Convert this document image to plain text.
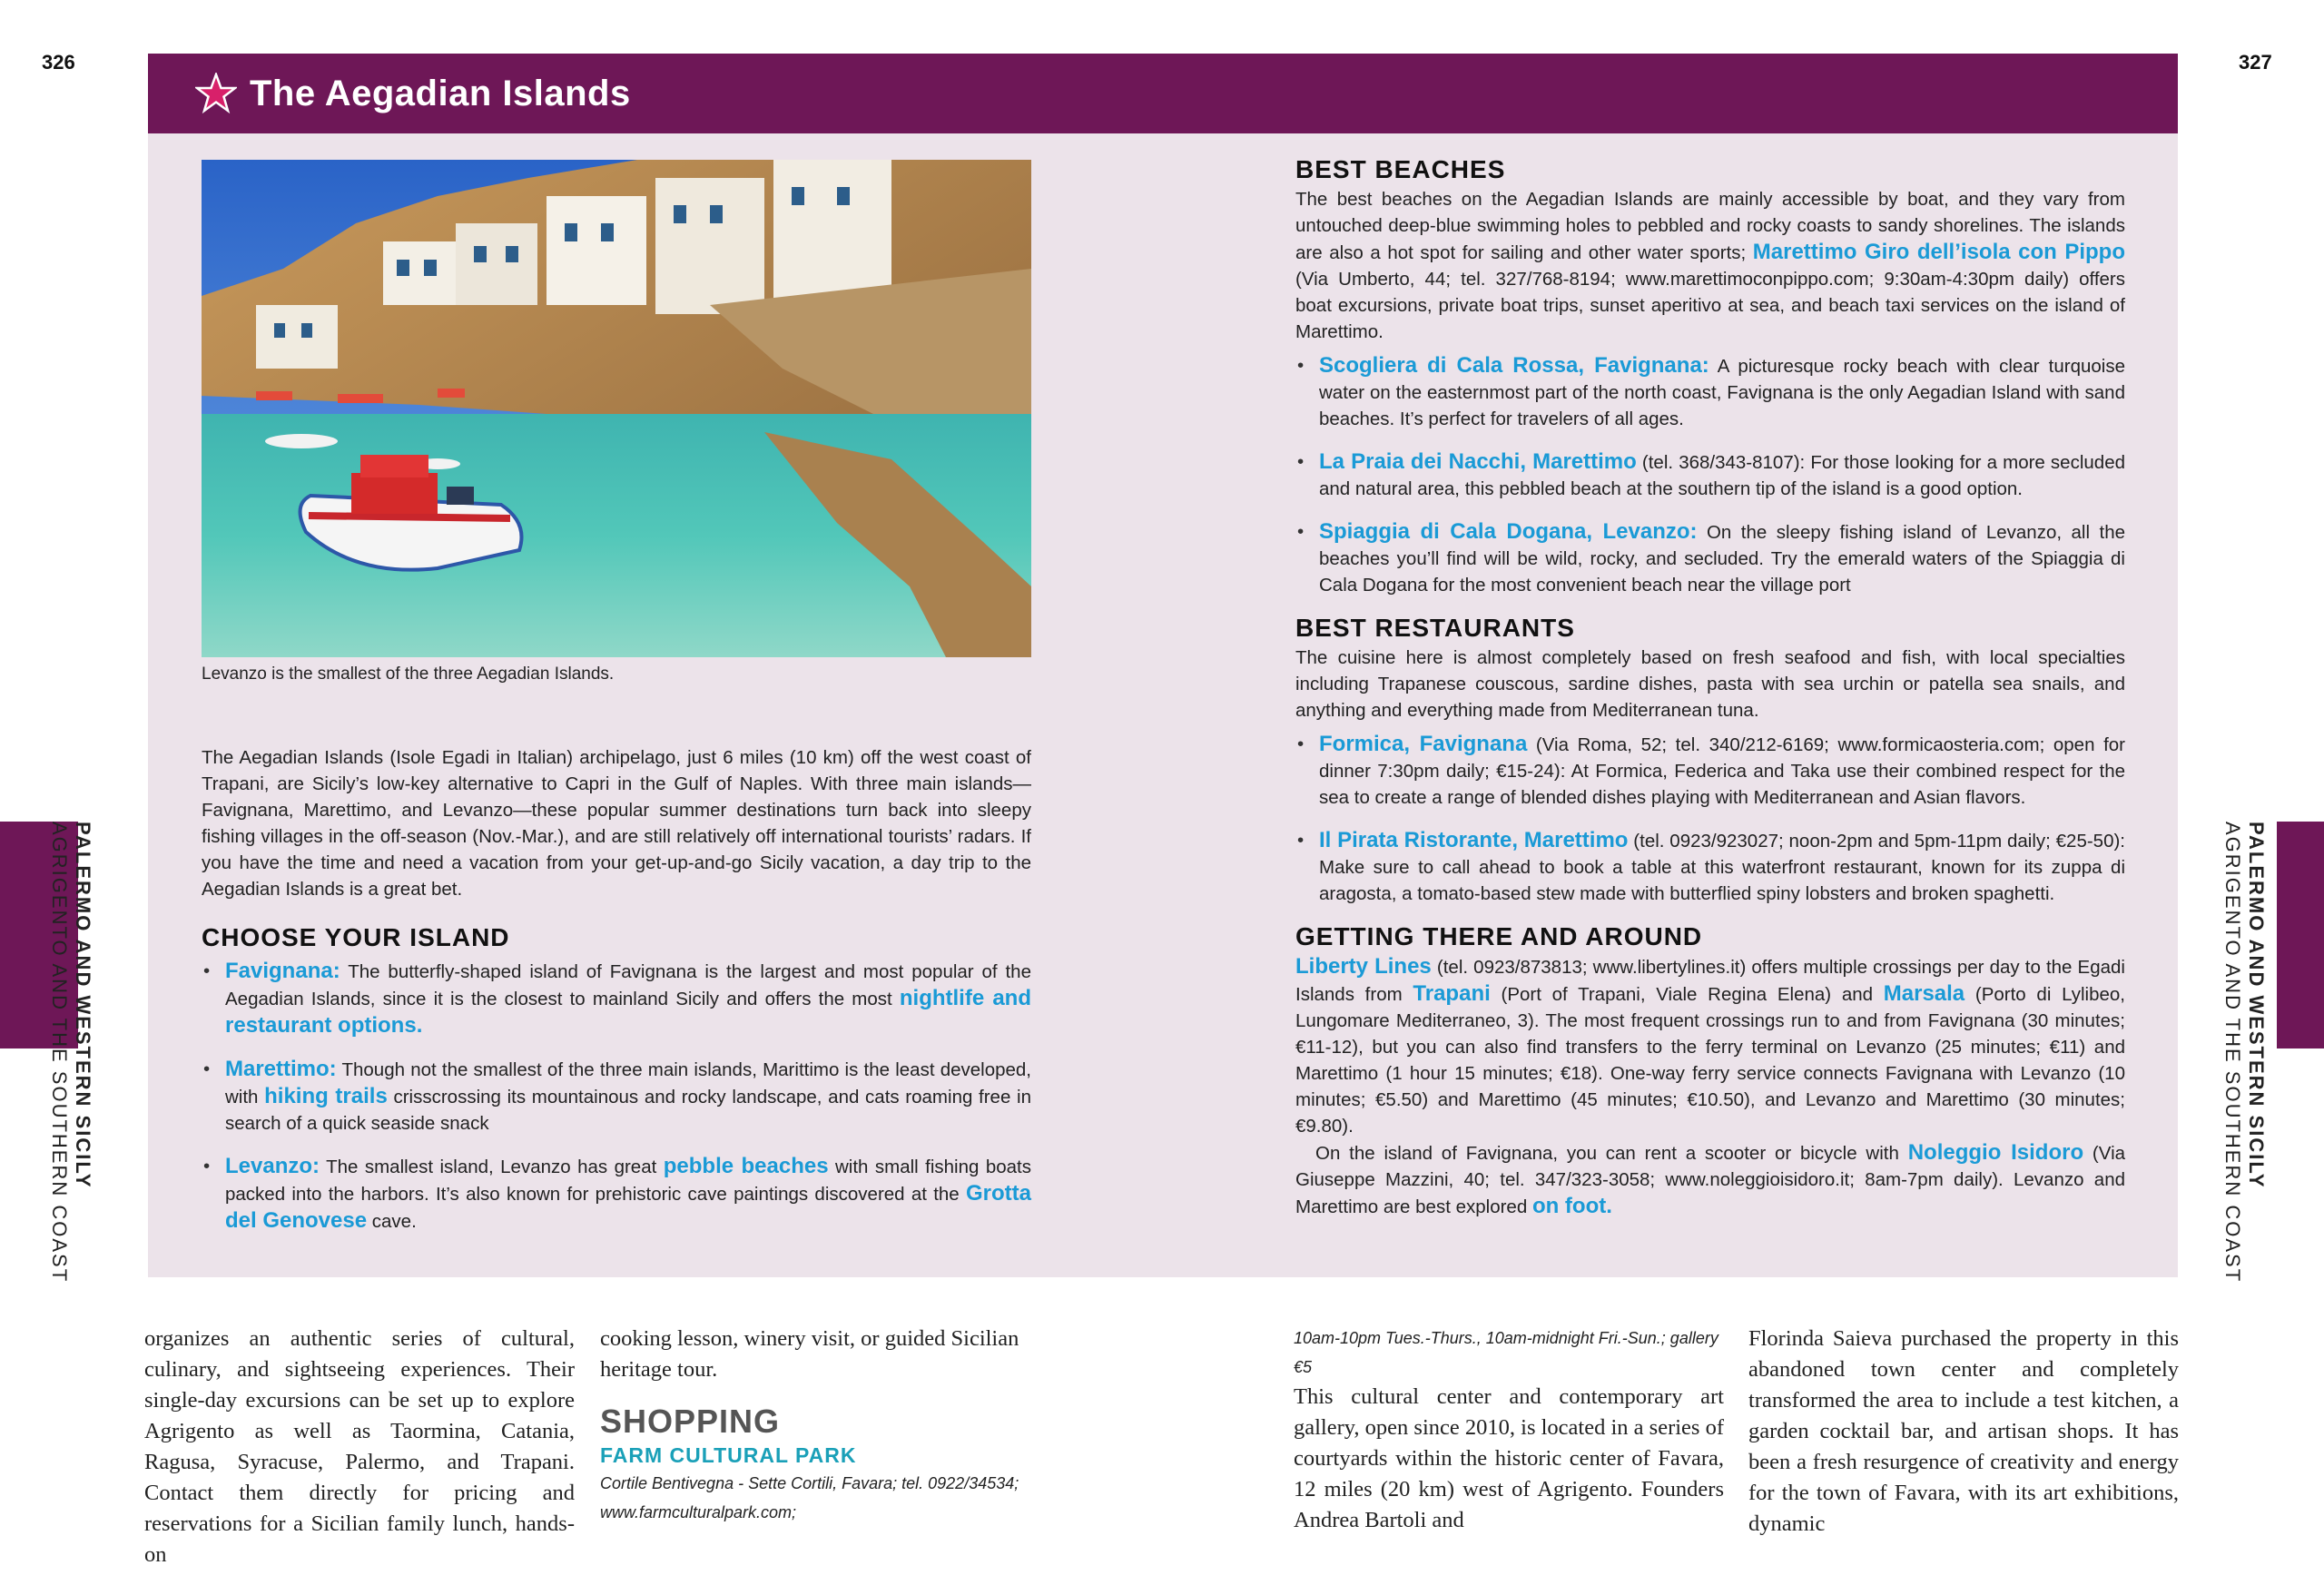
326	327
The Aegadian Islands
Levanzo is the smallest of the three Aegadian Islands.

The Aegadian Islands (Isole Egadi in Italian) archipelago, just 6 miles (10 km) off the west coast of Trapani, are Sicily’s low-key alternative to Capri in the Gulf of Naples. With three main islands—Favignana, Marettimo, and Levanzo—these popular summer destinations turn back into sleepy fishing villages in the off-season (Nov.-Mar.), and are still relatively off international tourists’ radars. If you have the time and need a vacation from your get-up-and-go Sicily vacation, a day trip to the Aegadian Islands is a great bet.

CHOOSE YOUR ISLAND
• Favignana: The butterfly-shaped island of Favignana is the largest and most popular of the Aegadian Islands, since it is the closest to mainland Sicily and offers the most nightlife and restaurant options.
• Marettimo: Though not the smallest of the three main islands, Marittimo is the least developed, with hiking trails crisscrossing its mountainous and rocky landscape, and cats roaming free in search of a quick seaside snack
• Levanzo: The smallest island, Levanzo has great pebble beaches with small fishing boats packed into the harbors. It’s also known for prehistoric cave paintings discovered at the Grotta del Genovese cave.
BEST BEACHES

The best beaches on the Aegadian Islands are mainly accessible by boat, and they vary from untouched deep-blue swimming holes to pebbled and rocky coasts to sandy shorelines. The islands are also a hot spot for sailing and other water sports; Marettimo Giro dell’isola con Pippo (Via Umberto, 44; tel. 327/768-8194; www.marettimoconpippo.com; 9:30am-4:30pm daily) offers boat excursions, private boat trips, sunset aperitivo at sea, and beach taxi services on the island of Marettimo.

• Scogliera di Cala Rossa, Favignana: A picturesque rocky beach with clear turquoise water on the easternmost part of the north coast, Favignana is the only Aegadian Island with sand beaches. It’s perfect for travelers of all ages.
• La Praia dei Nacchi, Marettimo (tel. 368/343-8107): For those looking for a more secluded and natural area, this pebbled beach at the southern tip of the island is a good option.
• Spiaggia di Cala Dogana, Levanzo: On the sleepy fishing island of Levanzo, all the beaches you’ll find will be wild, rocky, and secluded. Try the emerald waters of the Spiaggia di Cala Dogana for the most convenient beach near the village port
BEST RESTAURANTS

The cuisine here is almost completely based on fresh seafood and fish, with local specialties including Trapanese couscous, sardine dishes, pasta with sea urchin or patella sea snails, and anything and everything made from Mediterranean tuna.

• Formica, Favignana (Via Roma, 52; tel. 340/212-6169; www.formicaosteria.com; open for dinner 7:30pm daily; €15-24): At Formica, Federica and Taka use their combined respect for the sea to create a range of blended dishes playing with Mediterranean and Asian flavors.
• Il Pirata Ristorante, Marettimo (tel. 0923/923027; noon-2pm and 5pm-11pm daily; €25-50): Make sure to call ahead to book a table at this waterfront restaurant, known for its zuppa di aragosta, a tomato-based stew made with butterflied spiny lobsters and broken spaghetti.
GETTING THERE AND AROUND

Liberty Lines (tel. 0923/873813; www.libertylines.it) offers multiple crossings per day to the Egadi Islands from Trapani (Port of Trapani, Viale Regina Elena) and Marsala (Porto di Lylibeo, Lungomare Mediterraneo, 3). The most frequent crossings run to and from Favignana (30 minutes; €11-12), but you can also find transfers to the ferry terminal on Levanzo (25 minutes; €11) and Marettimo (1 hour 15 minutes; €18). One-way ferry service connects Favignana with Levanzo (10 minutes; €5.50) and Marettimo (45 minutes; €10.50), and Levanzo and Marettimo (30 minutes; €9.80).

On the island of Favignana, you can rent a scooter or bicycle with Noleggio Isidoro (Via Giuseppe Mazzini, 40; tel. 347/323-3058; www.noleggioisidoro.it; 8am-7pm daily). Levanzo and Marettimo are best explored on foot.

PALERMO AND WESTERN SICILY
AGRIGENTO AND THE SOUTHERN COAST	PALERMO AND WESTERN SICILY
AGRIGENTO AND THE SOUTHERN COAST

organizes an authentic series of cultural, culinary, and sightseeing experiences. Their single-day excursions can be set up to explore Agrigento as well as Taormina, Catania, Ragusa, Syracuse, Palermo, and Trapani. Contact them directly for pricing and reservations for a Sicilian family lunch, hands-on

cooking lesson, winery visit, or guided Sicilian heritage tour.

SHOPPING
FARM CULTURAL PARK
Cortile Bentivegna - Sette Cortili, Favara; tel. 0922/34534; www.farmculturalpark.com;
10am-10pm Tues.-Thurs., 10am-midnight Fri.-Sun.; gallery €5

This cultural center and contemporary art gallery, open since 2010, is located in a series of courtyards within the historic center of Favara, 12 miles (20 km) west of Agrigento. Founders Andrea Bartoli and

Florinda Saieva purchased the property in this abandoned town center and completely transformed the area to include a test kitchen, a garden cocktail bar, and artisan shops. It has been a fresh resurgence of creativity and energy for the town of Favara, with its art exhibitions, dynamic
